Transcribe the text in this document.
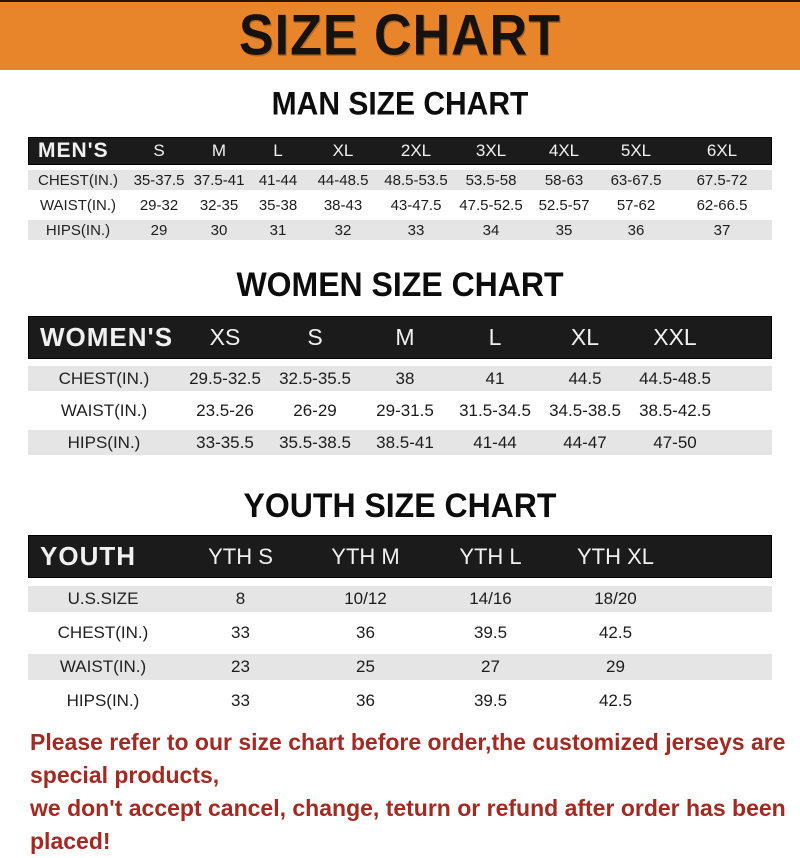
SIZE CHART
MAN SIZE CHART
MEN'S	S	M	L	XL	2XL	3XL	4XL	5XL	6XL
CHEST(IN.)	35-37.5 37.5-41 41-44	44-48.5	48.5-53.5	53.5-58	58-63	63-67.5	67.5-72
WAIST(IN.)	29-32	32-35	35-38	38-43	43-47.5	47.5-52.5	52.5-57	57-62	62-66.5
HIPS(IN.)	29	30	31	32	33	34	35	36	37
WOMEN SIZE CHART
WOMEN'S	XS	S	M	L	XL	XXL
CHEST(IN.)	29.5-32.5	32.5-35.5	38	41	44.5	44.5-48.5
WAIST(IN.)	23.5-26	26-29	29-31.5	31.5-34.5	34.5-38.5	38.5-42.5
HIPS(IN.)	33-35.5	35.5-38.5	38.5-41	41-44	44-47	47-50
YOUTH SIZE CHART
YOUTH	YTH S	YTH M	YTH L	YTH XL
U.S.SIZE	8	10/12	14/16	18/20
CHEST(IN.)	33	36	39.5	42.5
WAIST(IN.)	23	25	27	29
HIPS(IN.)	33	36	39.5	42.5

Please refer to our size chart before order,the customized jerseys are special products,

we don't accept cancel, change, teturn or refund after order has been placed!
